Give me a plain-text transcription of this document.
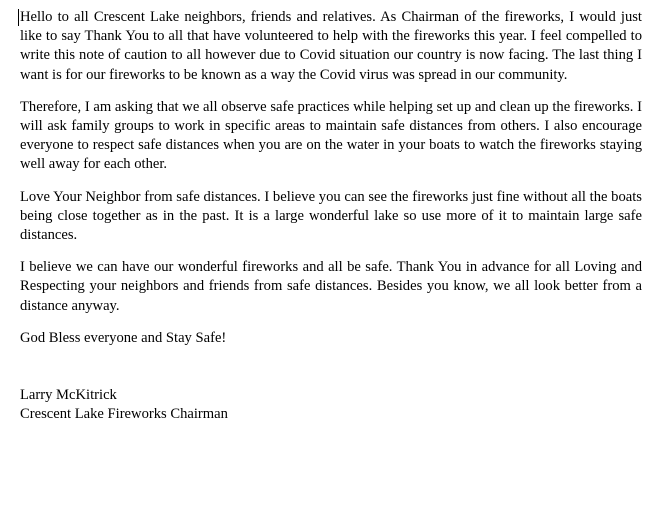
Hello to all Crescent Lake neighbors, friends and relatives. As Chairman of the fireworks, I would just like to say Thank You to all that have volunteered to help with the fireworks this year. I feel compelled to write this note of caution to all however due to Covid situation our country is now facing. The last thing I want is for our fireworks to be known as a way the Covid virus was spread in our community.

Therefore, I am asking that we all observe safe practices while helping set up and clean up the fireworks. I will ask family groups to work in specific areas to maintain safe distances from others. I also encourage everyone to respect safe distances when you are on the water in your boats to watch the fireworks staying well away for each other.

Love Your Neighbor from safe distances. I believe you can see the fireworks just fine without all the boats being close together as in the past. It is a large wonderful lake so use more of it to maintain large safe distances.

I believe we can have our wonderful fireworks and all be safe. Thank You in advance for all Loving and Respecting your neighbors and friends from safe distances. Besides you know, we all look better from a distance anyway.

God Bless everyone and Stay Safe!

Larry McKitrick

Crescent Lake Fireworks Chairman
